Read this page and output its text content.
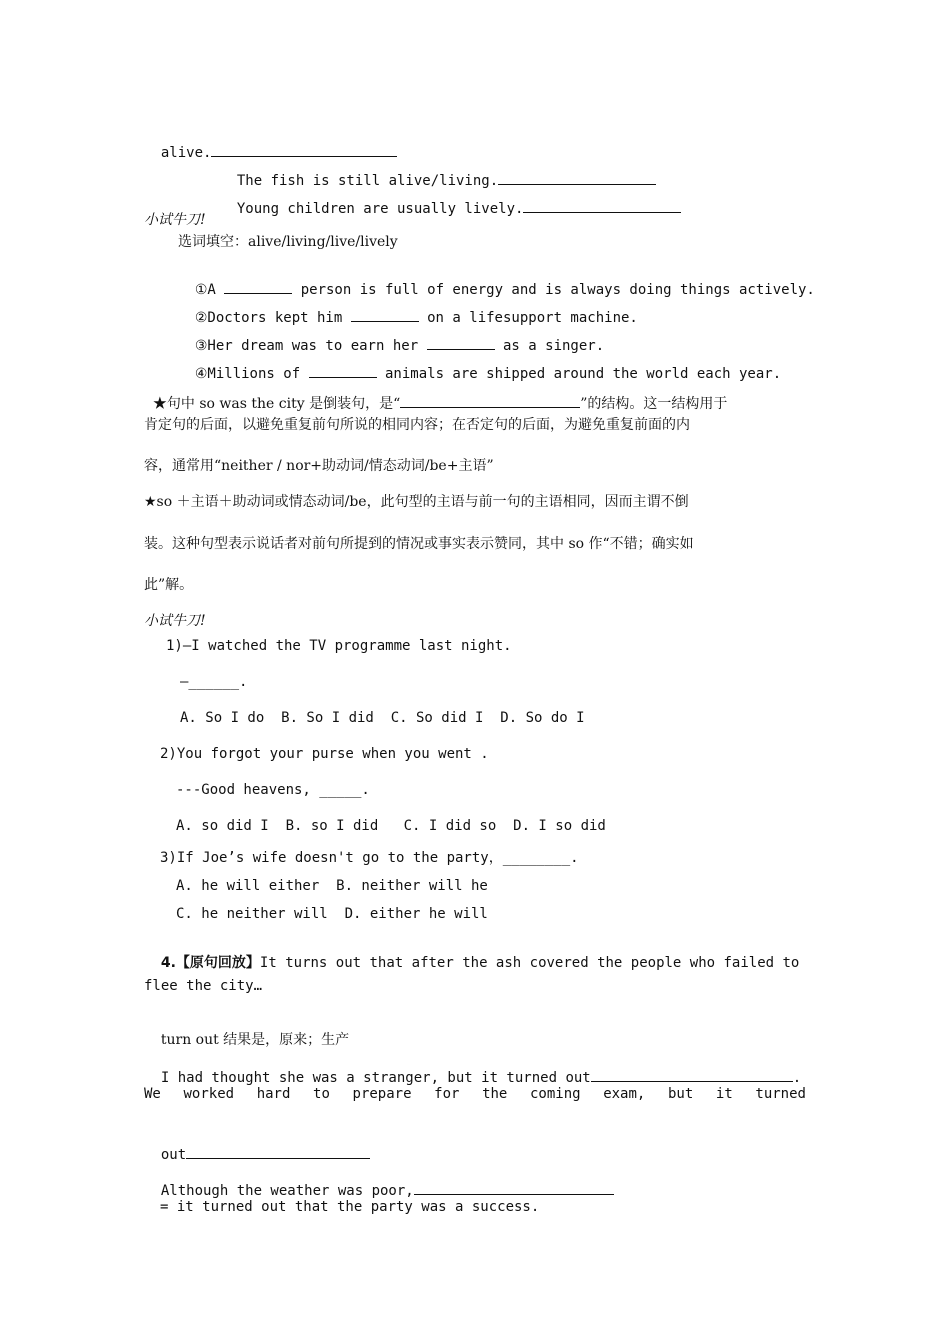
alive.

The fish is still alive/living.

Young children are usually lively.

小试牛刀!
选词填空：alive/living/live/lively

①A	person is full of energy and is always doing things actively.

②Doctors kept him	on a lifesupport machine.

③Her dream was to earn her	as a singer.

④Millions of	animals are shipped around the world each year.

★句中 so was the city 是倒装句，是“	”的结构。这一结构用于

肯定句的后面，以避免重复前句所说的相同内容；在否定句的后面，为避免重复前面的内
容，通常用“neither / nor+助动词/情态动词/be+主语”
★so ＋主语＋助动词或情态动词/be，此句型的主语与前一句的主语相同，因而主谓不倒
装。这种句型表示说话者对前句所提到的情况或事实表示赞同，其中 so 作“不错；确实如
此”解。
小试牛刀!
1)—I watched the TV programme last night.
—______.
A. So I do  B. So I did  C. So did I  D. So do I
2)You forgot your purse when you went .
---Good heavens, _____.
A. so did I  B. so I did   C. I did so  D. I so did
3)If Joe’s wife doesn't go to the party，________.
A. he will either  B. neither will he
C. he neither will  D. either he will

4.【原句回放】It turns out that after the ash covered the people who failed to

flee the city…

turn out 结果是，原来；生产

I had thought she was a stranger, but it turned out	.

We worked hard to prepare for the coming exam, but it turned

out

Although the weather was poor,

= it turned out that the party was a success.
